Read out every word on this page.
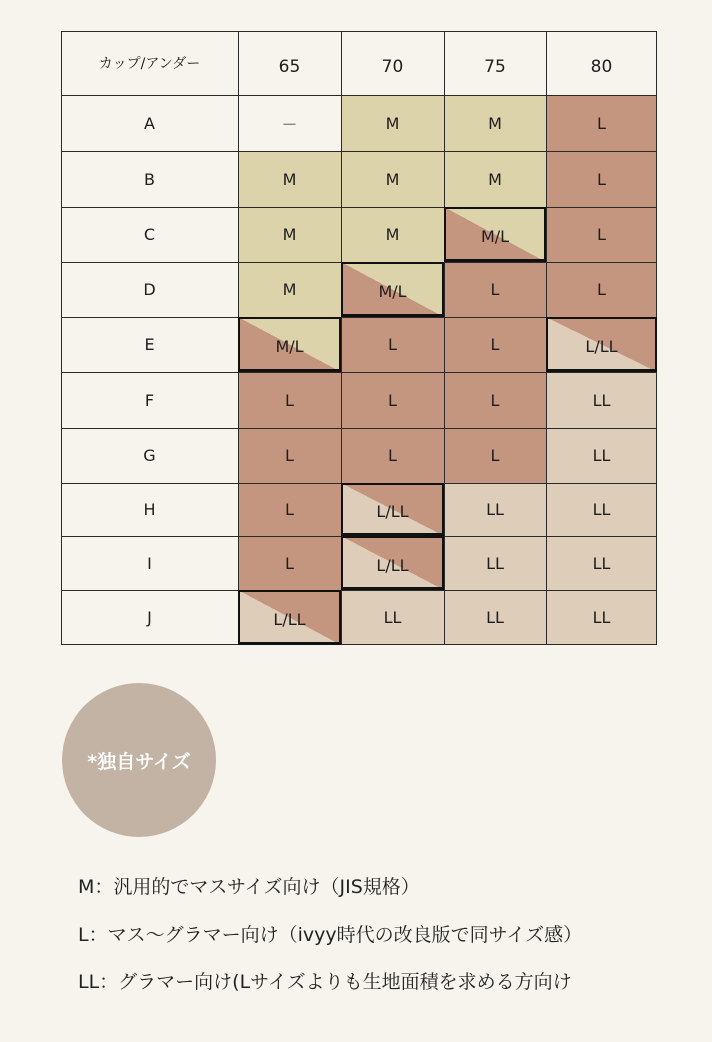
カップ/アンダー	65	70	75	80
A	－	M	M	L
B	M	M	M	L
C	M	M	M/L	L
D	M	M/L	L	L
E	M/L	L	L	L/LL
F	L	L	L	LL
G	L	L	L	LL
H	L	L/LL	LL	LL
I	L	L/LL	LL	LL
J	L/LL	LL	LL	LL
*独自サイズ
M：汎用的でマスサイズ向け（JIS規格）
L：マス〜グラマー向け（ivyy時代の改良版で同サイズ感）
LL：グラマー向け(Lサイズよりも生地面積を求める方向け
